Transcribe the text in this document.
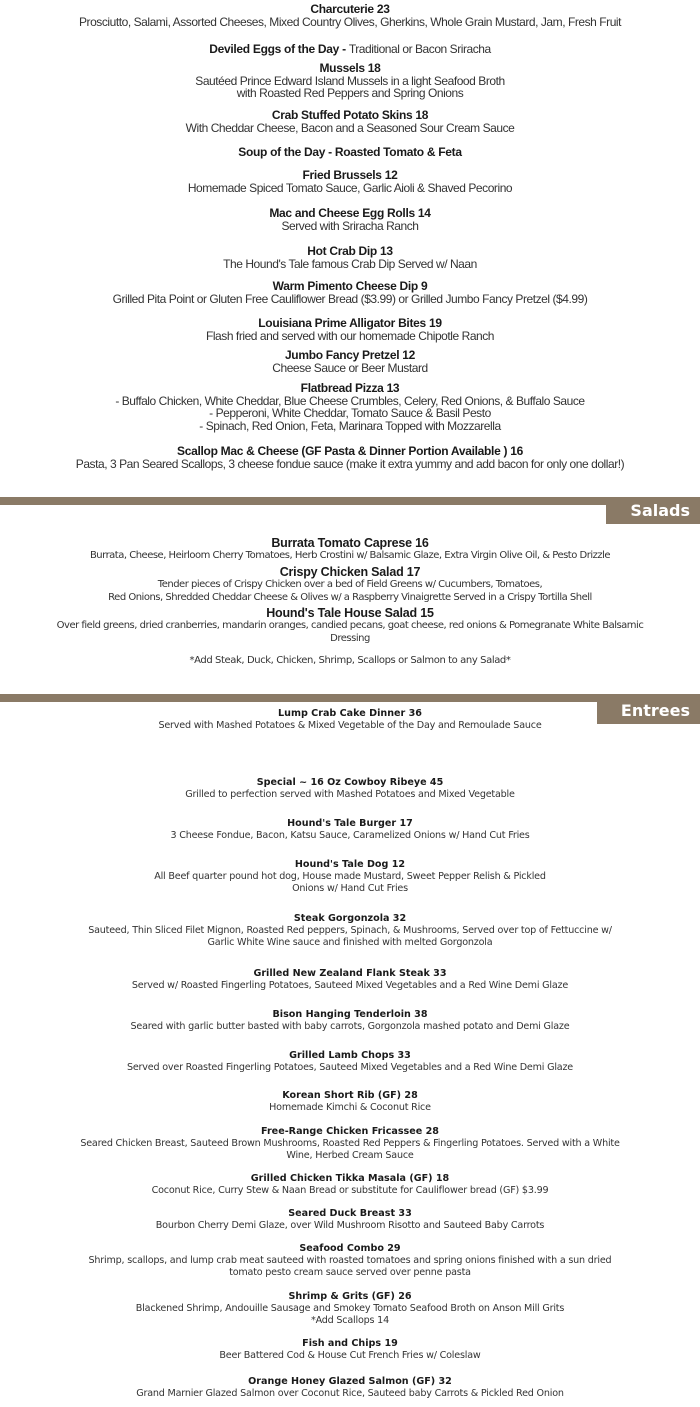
Charcuterie 23
Prosciutto, Salami, Assorted Cheeses, Mixed Country Olives, Gherkins, Whole Grain Mustard, Jam, Fresh Fruit
Deviled Eggs of the Day - Traditional or Bacon Sriracha
Mussels 18
Sautéed Prince Edward Island Mussels in a light Seafood Broth
with Roasted Red Peppers and Spring Onions
Crab Stuffed Potato Skins 18
With Cheddar Cheese, Bacon and a Seasoned Sour Cream Sauce
Soup of the Day - Roasted Tomato & Feta
Fried Brussels 12
Homemade Spiced Tomato Sauce, Garlic Aioli & Shaved Pecorino
Mac and Cheese Egg Rolls 14
Served with Sriracha Ranch
Hot Crab Dip 13
The Hound's Tale famous Crab Dip Served w/ Naan
Warm Pimento Cheese Dip 9
Grilled Pita Point or Gluten Free Cauliflower Bread ($3.99) or Grilled Jumbo Fancy Pretzel ($4.99)
Louisiana Prime Alligator Bites 19
Flash fried and served with our homemade Chipotle Ranch
Jumbo Fancy Pretzel 12
Cheese Sauce or Beer Mustard
Flatbread Pizza 13
- Buffalo Chicken, White Cheddar, Blue Cheese Crumbles, Celery, Red Onions, & Buffalo Sauce
- Pepperoni, White Cheddar, Tomato Sauce & Basil Pesto
- Spinach, Red Onion, Feta, Marinara Topped with Mozzarella
Scallop Mac & Cheese (GF Pasta & Dinner Portion Available ) 16
Pasta, 3 Pan Seared Scallops, 3 cheese fondue sauce (make it extra yummy and add bacon for only one dollar!)
Salads
Burrata Tomato Caprese 16
Burrata, Cheese, Heirloom Cherry Tomatoes, Herb Crostini w/ Balsamic Glaze, Extra Virgin Olive Oil, & Pesto Drizzle
Crispy Chicken Salad 17
Tender pieces of Crispy Chicken over a bed of Field Greens w/ Cucumbers, Tomatoes,
Red Onions, Shredded Cheddar Cheese & Olives w/ a Raspberry Vinaigrette Served in a Crispy Tortilla Shell
Hound's Tale House Salad 15
Over field greens, dried cranberries, mandarin oranges, candied pecans, goat cheese, red onions & Pomegranate White Balsamic
Dressing
*Add Steak, Duck, Chicken, Shrimp, Scallops or Salmon to any Salad*
Entrees
Lump Crab Cake Dinner 36
Served with Mashed Potatoes & Mixed Vegetable of the Day and Remoulade Sauce
Special ~ 16 Oz Cowboy Ribeye 45
Grilled to perfection served with Mashed Potatoes and Mixed Vegetable
Hound's Tale Burger 17
3 Cheese Fondue, Bacon, Katsu Sauce, Caramelized Onions w/ Hand Cut Fries
Hound's Tale Dog 12
All Beef quarter pound hot dog, House made Mustard, Sweet Pepper Relish & Pickled
Onions w/ Hand Cut Fries
Steak Gorgonzola 32
Sauteed, Thin Sliced Filet Mignon, Roasted Red peppers, Spinach, & Mushrooms, Served over top of Fettuccine w/
Garlic White Wine sauce and finished with melted Gorgonzola
Grilled New Zealand Flank Steak 33
Served w/ Roasted Fingerling Potatoes, Sauteed Mixed Vegetables and a Red Wine Demi Glaze
Bison Hanging Tenderloin 38
Seared with garlic butter basted with baby carrots, Gorgonzola mashed potato and Demi Glaze
Grilled Lamb Chops 33
Served over Roasted Fingerling Potatoes, Sauteed Mixed Vegetables and a Red Wine Demi Glaze
Korean Short Rib (GF) 28
Homemade Kimchi & Coconut Rice
Free-Range Chicken Fricassee 28
Seared Chicken Breast, Sauteed Brown Mushrooms, Roasted Red Peppers & Fingerling Potatoes. Served with a White
Wine, Herbed Cream Sauce
Grilled Chicken Tikka Masala (GF) 18
Coconut Rice, Curry Stew & Naan Bread or substitute for Cauliflower bread (GF) $3.99
Seared Duck Breast 33
Bourbon Cherry Demi Glaze, over Wild Mushroom Risotto and Sauteed Baby Carrots
Seafood Combo 29
Shrimp, scallops, and lump crab meat sauteed with roasted tomatoes and spring onions finished with a sun dried
tomato pesto cream sauce served over penne pasta
Shrimp & Grits (GF) 26
Blackened Shrimp, Andouille Sausage and Smokey Tomato Seafood Broth on Anson Mill Grits
*Add Scallops 14
Fish and Chips 19
Beer Battered Cod & House Cut French Fries w/ Coleslaw
Orange Honey Glazed Salmon (GF) 32
Grand Marnier Glazed Salmon over Coconut Rice, Sauteed baby Carrots & Pickled Red Onion
